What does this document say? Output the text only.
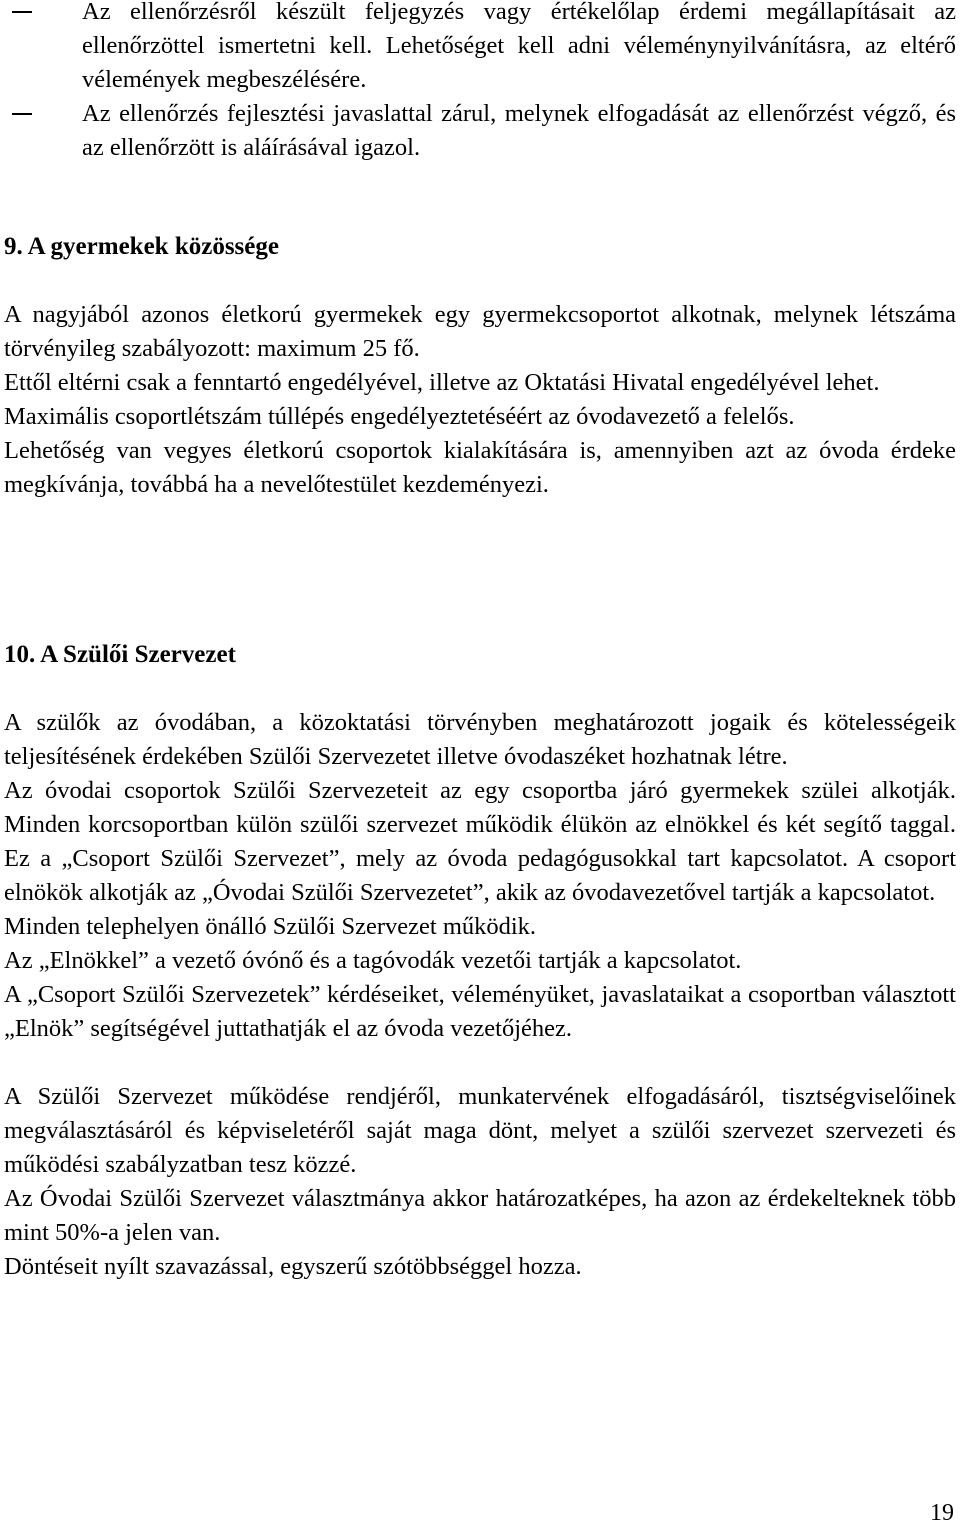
Az ellenőrzésről készült feljegyzés vagy értékelőlap érdemi megállapításait az ellenőrzöttel ismertetni kell. Lehetőséget kell adni véleménynyilvánításra, az eltérő vélemények megbeszélésére.
Az ellenőrzés fejlesztési javaslattal zárul, melynek elfogadását az ellenőrzést végző, és az ellenőrzött is aláírásával igazol.
9. A gyermekek közössége

A nagyjából azonos életkorú gyermekek egy gyermekcsoportot alkotnak, melynek létszáma törvényileg szabályozott: maximum 25 fő.

Ettől eltérni csak a fenntartó engedélyével, illetve az Oktatási Hivatal engedélyével lehet.

Maximális csoportlétszám túllépés engedélyeztetéséért az óvodavezető a felelős.

Lehetőség van vegyes életkorú csoportok kialakítására is, amennyiben azt az óvoda érdeke megkívánja, továbbá ha a nevelőtestület kezdeményezi.

10. A Szülői Szervezet

A szülők az óvodában, a közoktatási törvényben meghatározott jogaik és kötelességeik teljesítésének érdekében Szülői Szervezetet illetve óvodaszéket hozhatnak létre.

Az óvodai csoportok Szülői Szervezeteit az egy csoportba járó gyermekek szülei alkotják. Minden korcsoportban külön szülői szervezet működik élükön az elnökkel és két segítő taggal. Ez a „Csoport Szülői Szervezet”, mely az óvoda pedagógusokkal tart kapcsolatot. A csoport elnökök alkotják az „Óvodai Szülői Szervezetet”, akik az óvodavezetővel tartják a kapcsolatot.

Minden telephelyen önálló Szülői Szervezet működik.

Az „Elnökkel” a vezető óvónő és a tagóvodák vezetői tartják a kapcsolatot.

A „Csoport Szülői Szervezetek” kérdéseiket, véleményüket, javaslataikat a csoportban választott „Elnök” segítségével juttathatják el az óvoda vezetőjéhez.

A Szülői Szervezet működése rendjéről, munkatervének elfogadásáról, tisztségviselőinek megválasztásáról és képviseletéről saját maga dönt, melyet a szülői szervezet szervezeti és működési szabályzatban tesz közzé.

Az Óvodai Szülői Szervezet választmánya akkor határozatképes, ha azon az érdekelteknek több mint 50%-a jelen van.

Döntéseit nyílt szavazással, egyszerű szótöbbséggel hozza.

19
